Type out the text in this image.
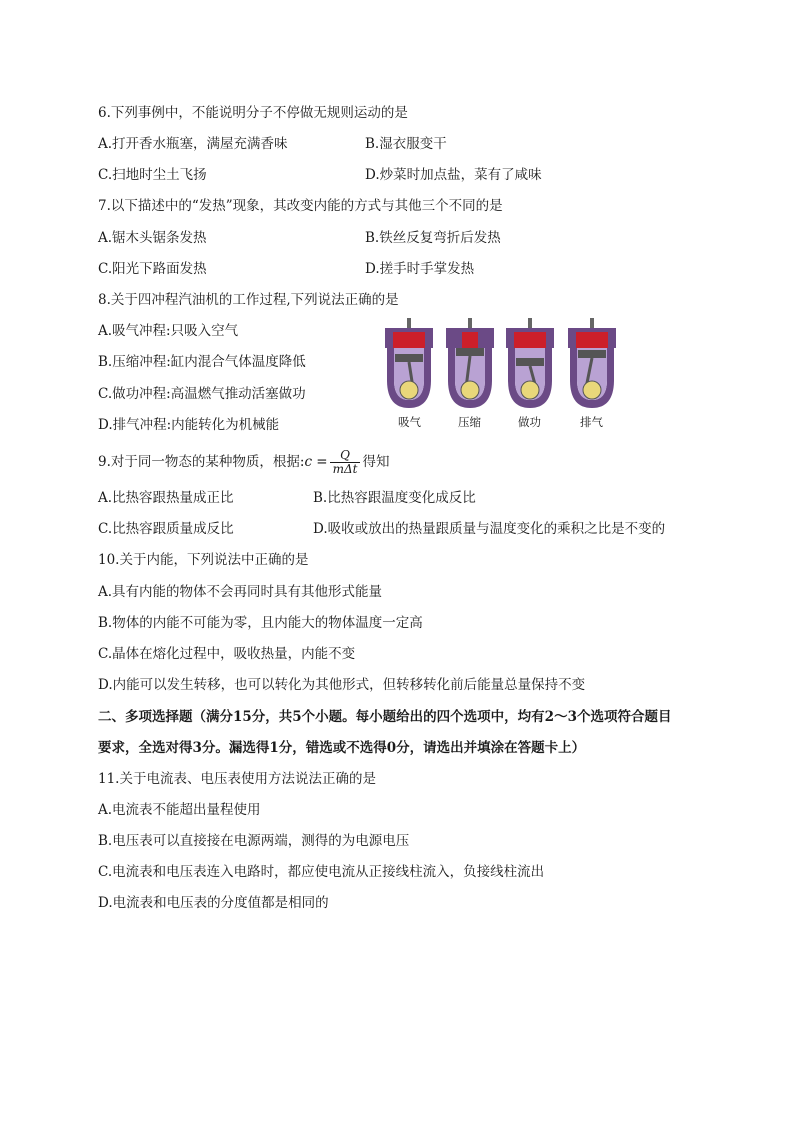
6.下列事例中，不能说明分子不停做无规则运动的是
A.打开香水瓶塞，满屋充满香味	B.湿衣服变干
C.扫地时尘土飞扬	D.炒菜时加点盐，菜有了咸味
7.以下描述中的“发热”现象，其改变内能的方式与其他三个不同的是
A.锯木头锯条发热	B.铁丝反复弯折后发热
C.阳光下路面发热	D.搓手时手掌发热
8.关于四冲程汽油机的工作过程,下列说法正确的是
A.吸气冲程:只吸入空气
B.压缩冲程:缸内混合气体温度降低
C.做功冲程:高温燃气推动活塞做功
D.排气冲程:内能转化为机械能	吸气	压缩	做功	排气
9.对于同一物态的某种物质，根据:c = $\frac{Q}{\text{mΔt}}$ 得知
A.比热容跟热量成正比	B.比热容跟温度变化成反比
C.比热容跟质量成反比	D.吸收或放出的热量跟质量与温度变化的乘积之比是不变的
10.关于内能，下列说法中正确的是
A.具有内能的物体不会再同时具有其他形式能量
B.物体的内能不可能为零，且内能大的物体温度一定高
C.晶体在熔化过程中，吸收热量，内能不变
D.内能可以发生转移，也可以转化为其他形式，但转移转化前后能量总量保持不变
二、多项选择题（满分15分，共5个小题。每小题给出的四个选项中，均有2～3个选项符合题目
要求，全选对得3分。漏选得1分，错选或不选得0分，请选出并填涂在答题卡上）
11.关于电流表、电压表使用方法说法正确的是
A.电流表不能超出量程使用
B.电压表可以直接接在电源两端，测得的为电源电压
C.电流表和电压表连入电路时，都应使电流从正接线柱流入，负接线柱流出
D.电流表和电压表的分度值都是相同的
